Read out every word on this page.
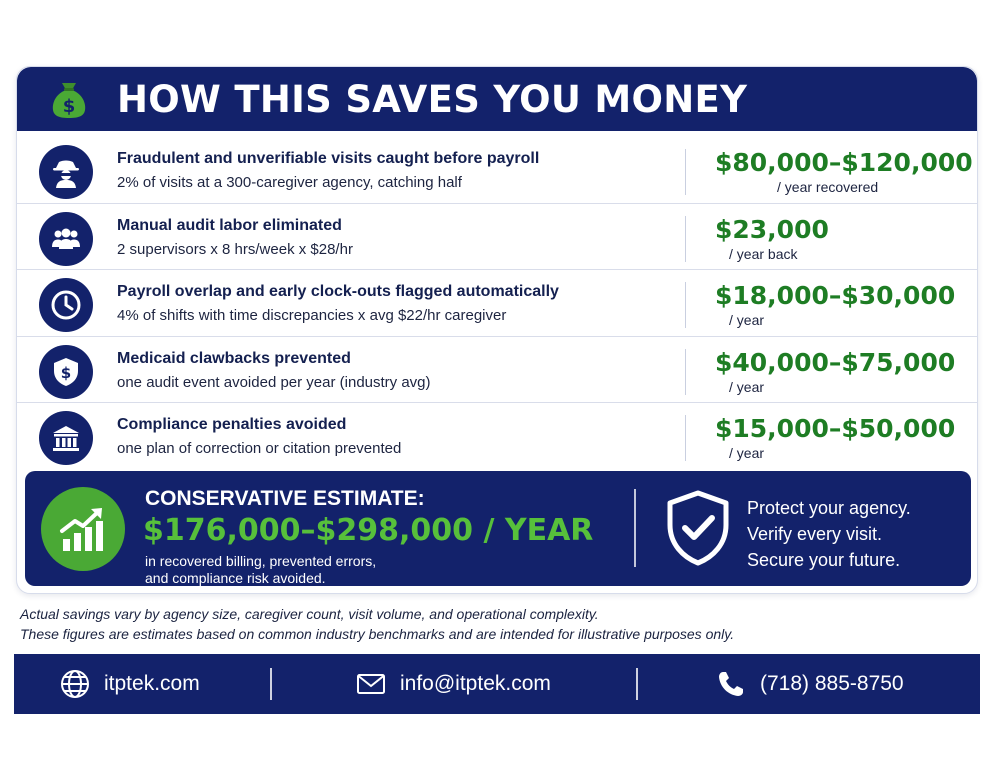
$ HOW THIS SAVES YOU MONEY
Fraudulent and unverifiable visits caught before payroll
2% of visits at a 300-caregiver agency, catching half
$80,000–$120,000
/ year recovered
Manual audit labor eliminated
2 supervisors x 8 hrs/week x $28/hr
$23,000
/ year back
Payroll overlap and early clock-outs flagged automatically
4% of shifts with time discrepancies x avg $22/hr caregiver
$18,000–$30,000
/ year
$
Medicaid clawbacks prevented
one audit event avoided per year (industry avg)
$40,000–$75,000
/ year
Compliance penalties avoided
one plan of correction or citation prevented
$15,000–$50,000
/ year
CONSERVATIVE ESTIMATE:
$176,000–$298,000 / YEAR
in recovered billing, prevented errors,
and compliance risk avoided.
Protect your agency.
Verify every visit.
Secure your future.
Actual savings vary by agency size, caregiver count, visit volume, and operational complexity.
These figures are estimates based on common industry benchmarks and are intended for illustrative purposes only.
itptek.com	info@itptek.com	(718) 885-8750
